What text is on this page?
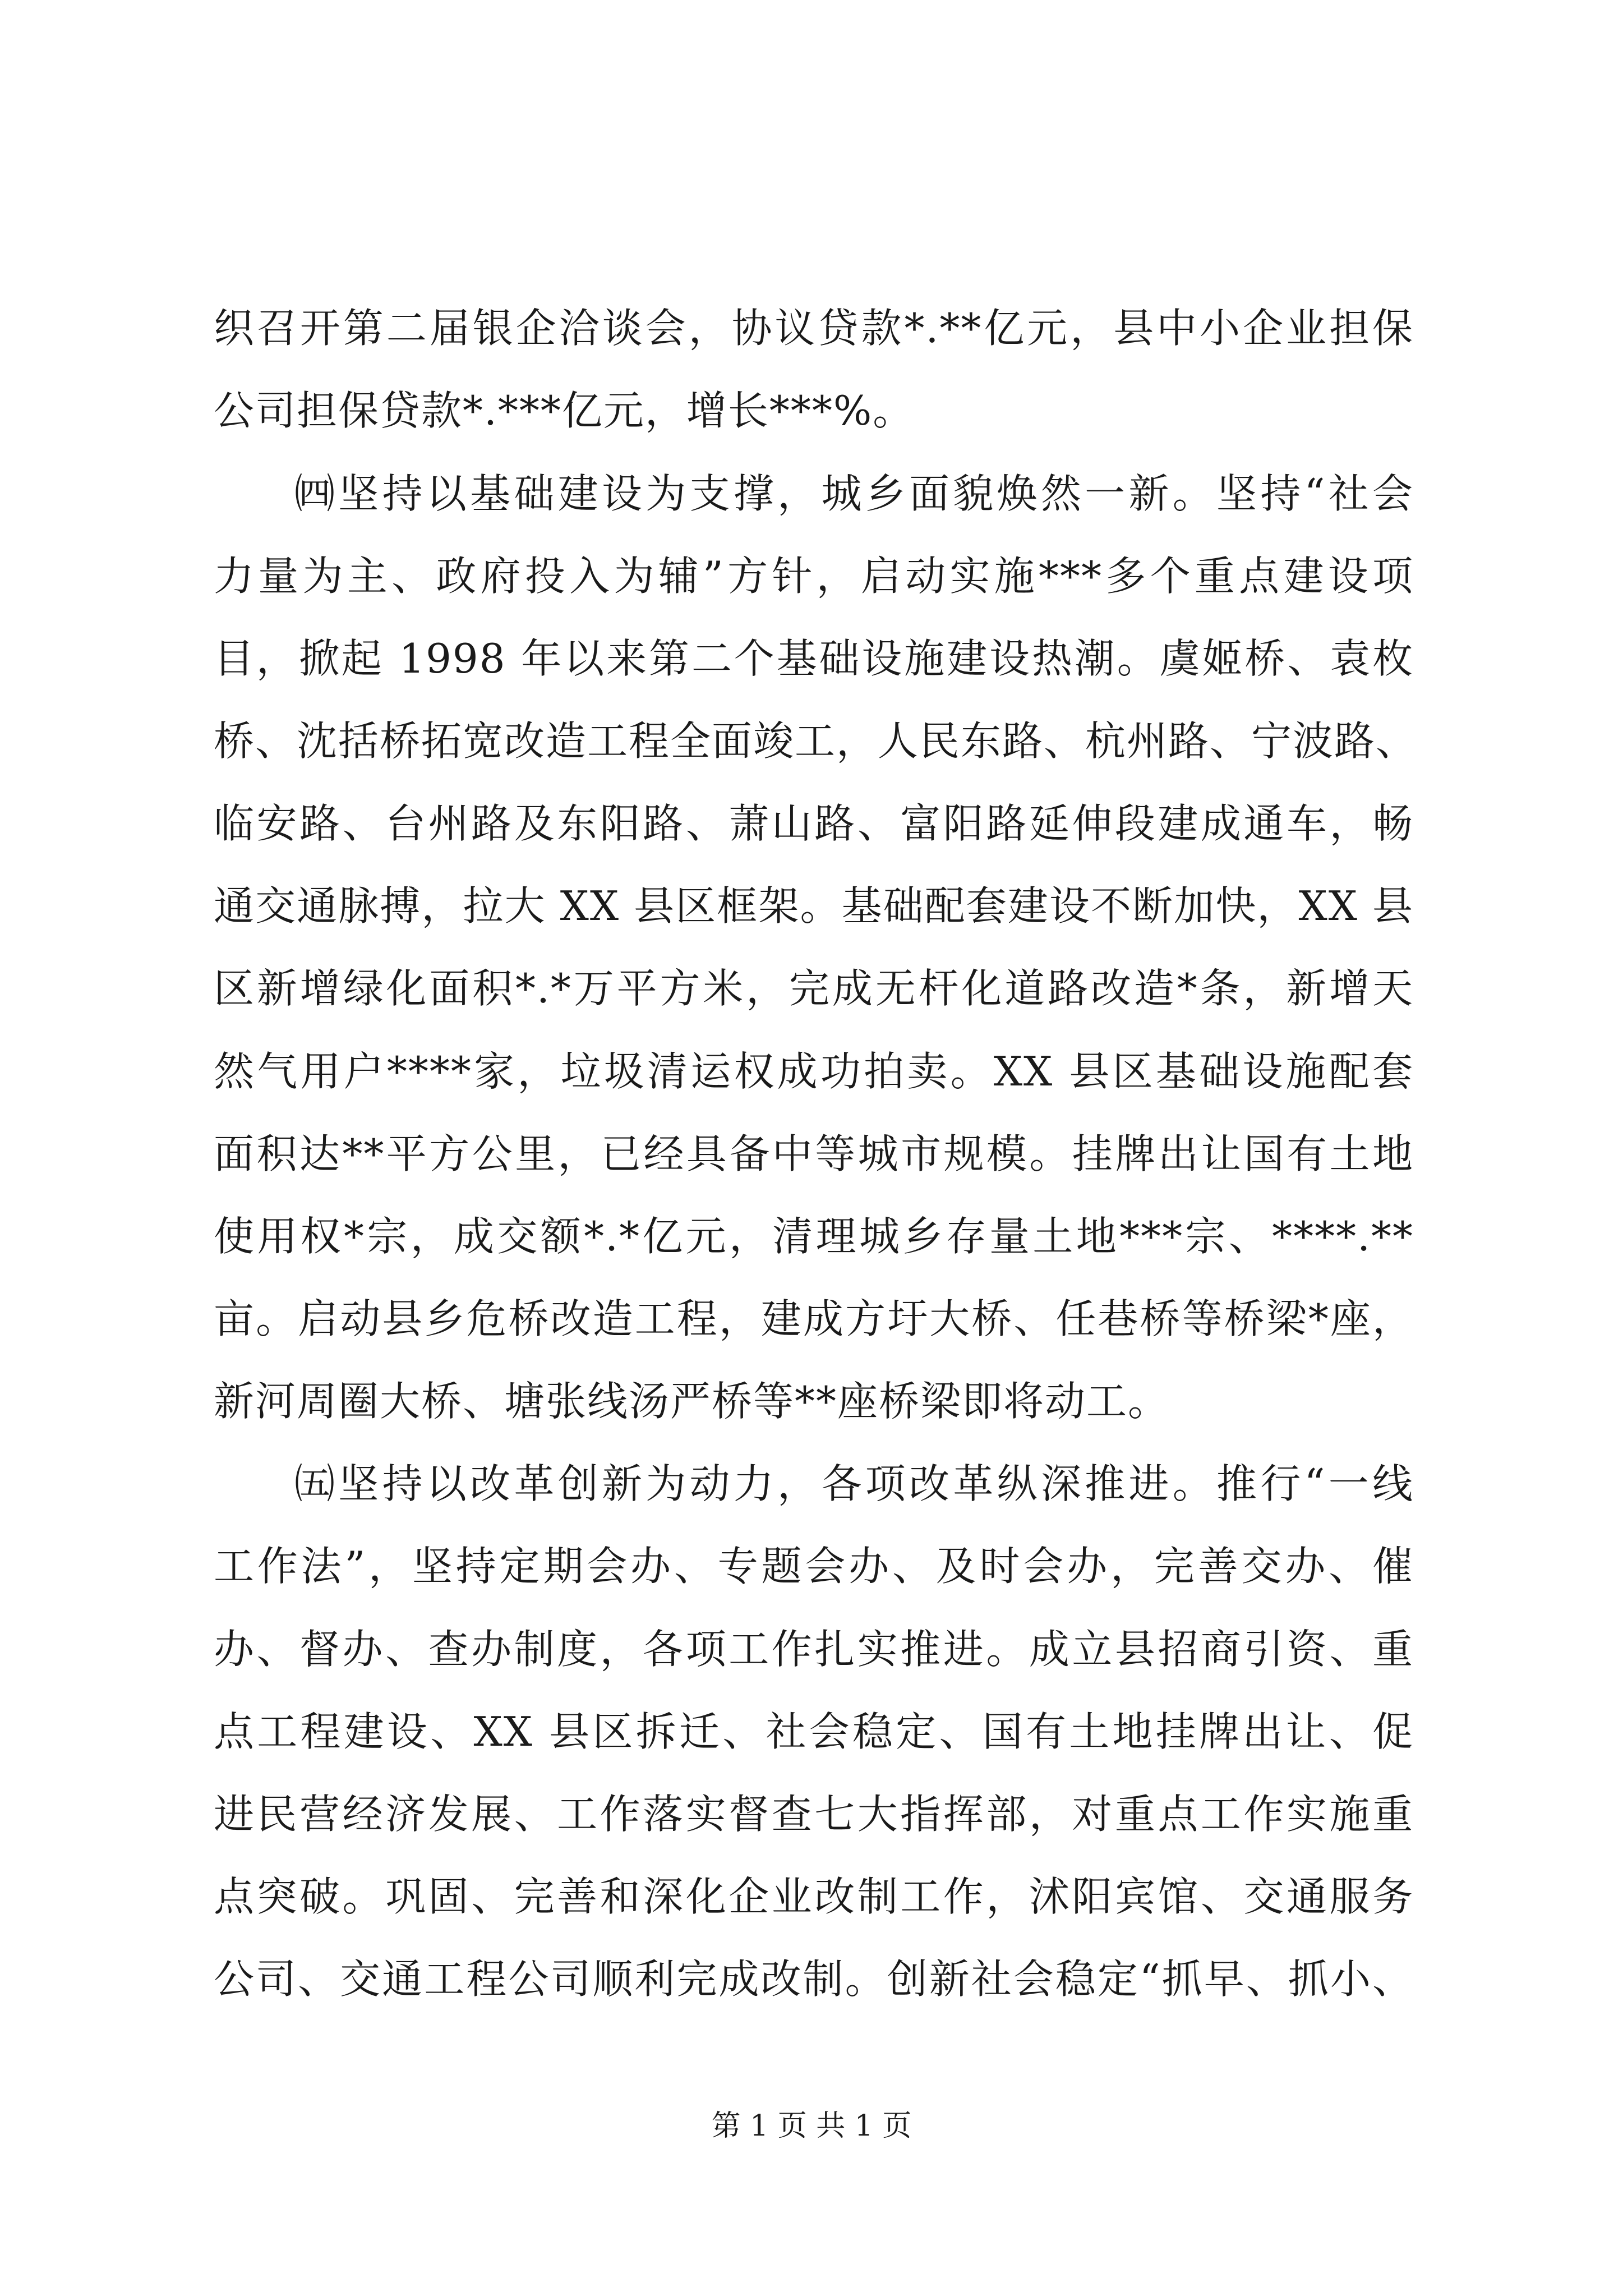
织召开第二届银企洽谈会，协议贷款*.**亿元，县中小企业担保
公司担保贷款*.***亿元，增长***%。
㈣坚持以基础建设为支撑，城乡面貌焕然一新。坚持“社会
力量为主、政府投入为辅”方针，启动实施***多个重点建设项
目，掀起 1998 年以来第二个基础设施建设热潮。虞姬桥、袁枚
桥、沈括桥拓宽改造工程全面竣工，人民东路、杭州路、宁波路、
临安路、台州路及东阳路、萧山路、富阳路延伸段建成通车，畅
通交通脉搏，拉大 XX 县区框架。基础配套建设不断加快，XX 县
区新增绿化面积*.*万平方米，完成无杆化道路改造*条，新增天
然气用户****家，垃圾清运权成功拍卖。XX 县区基础设施配套
面积达**平方公里，已经具备中等城市规模。挂牌出让国有土地
使用权*宗，成交额*.*亿元，清理城乡存量土地***宗、****.**
亩。启动县乡危桥改造工程，建成方圩大桥、任巷桥等桥梁*座，
新河周圈大桥、塘张线汤严桥等**座桥梁即将动工。
㈤坚持以改革创新为动力，各项改革纵深推进。推行“一线
工作法”，坚持定期会办、专题会办、及时会办，完善交办、催
办、督办、查办制度，各项工作扎实推进。成立县招商引资、重
点工程建设、XX 县区拆迁、社会稳定、国有土地挂牌出让、促
进民营经济发展、工作落实督查七大指挥部，对重点工作实施重
点突破。巩固、完善和深化企业改制工作，沭阳宾馆、交通服务
公司、交通工程公司顺利完成改制。创新社会稳定“抓早、抓小、
第 1 页 共 1 页
